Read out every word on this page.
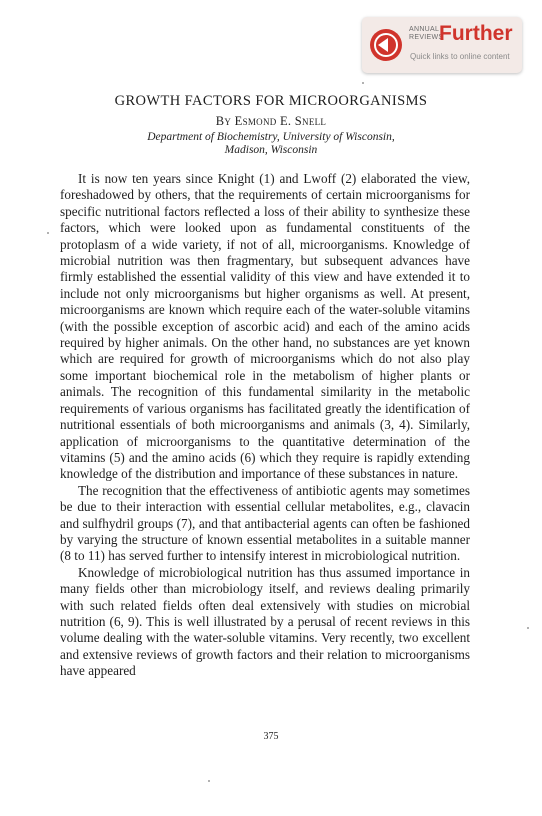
ANNUAL
REVIEWS
Further
Quick links to online content
GROWTH FACTORS FOR MICROORGANISMS
By Esmond E. Snell
Department of Biochemistry, University of Wisconsin,
Madison, Wisconsin

It is now ten years since Knight (1) and Lwoff (2) elaborated the view, foreshadowed by others, that the requirements of certain microorganisms for specific nutritional factors reflected a loss of their ability to synthesize these factors, which were looked upon as fundamental constituents of the protoplasm of a wide variety, if not of all, microorganisms. Knowledge of microbial nutrition was then fragmentary, but subsequent advances have firmly established the essential validity of this view and have extended it to include not only microorganisms but higher organisms as well. At present, microorganisms are known which require each of the water-soluble vitamins (with the possible exception of ascorbic acid) and each of the amino acids required by higher animals. On the other hand, no substances are yet known which are required for growth of microorganisms which do not also play some important biochemical role in the metabolism of higher plants or animals. The recognition of this fundamental similarity in the metabolic requirements of various organisms has facilitated greatly the identification of nutritional essentials of both microorganisms and animals (3, 4). Similarly, application of microorganisms to the quantitative determination of the vitamins (5) and the amino acids (6) which they require is rapidly extending knowledge of the distribution and importance of these substances in nature.

The recognition that the effectiveness of antibiotic agents may sometimes be due to their interaction with essential cellular metabolites, e.g., clavacin and sulfhydril groups (7), and that antibacterial agents can often be fashioned by varying the structure of known essential metabolites in a suitable manner (8 to 11) has served further to intensify interest in microbiological nutrition.

Knowledge of microbiological nutrition has thus assumed importance in many fields other than microbiology itself, and reviews dealing primarily with such related fields often deal extensively with studies on microbial nutrition (6, 9). This is well illustrated by a perusal of recent reviews in this volume dealing with the water-soluble vitamins. Very recently, two excellent and extensive reviews of growth factors and their relation to microorganisms have appeared

375
